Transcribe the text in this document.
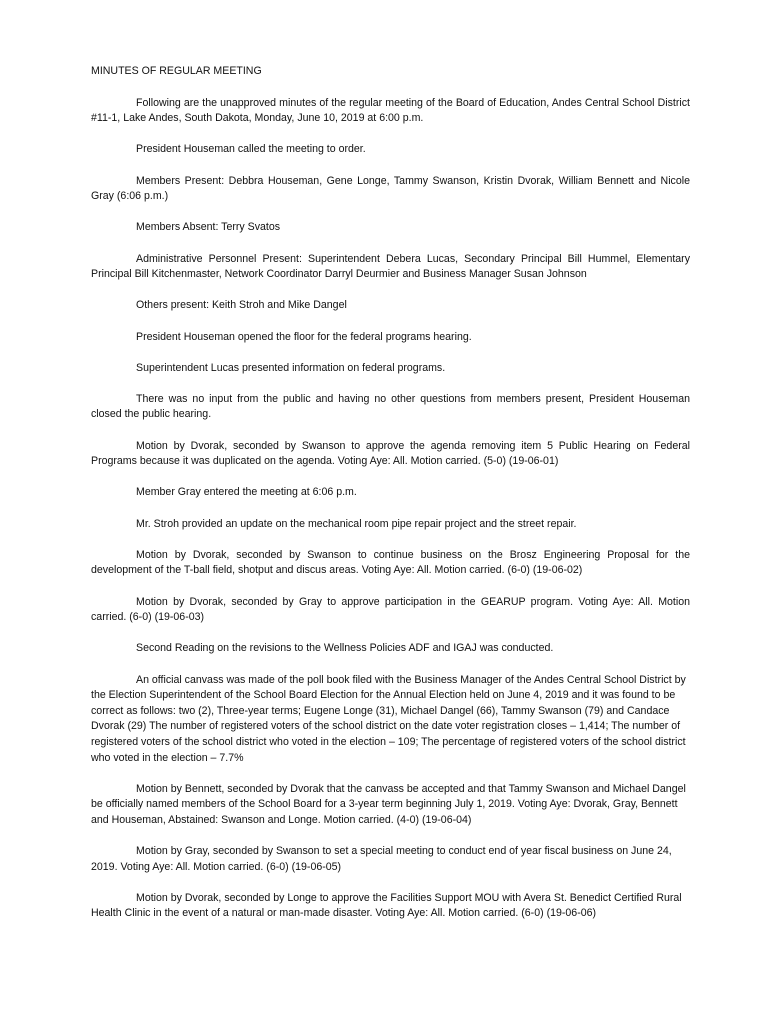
MINUTES OF REGULAR MEETING

Following are the unapproved minutes of the regular meeting of the Board of Education, Andes Central School District #11-1, Lake Andes, South Dakota, Monday, June 10, 2019 at 6:00 p.m.

President Houseman called the meeting to order.

Members Present: Debbra Houseman, Gene Longe, Tammy Swanson, Kristin Dvorak, William Bennett and Nicole Gray (6:06 p.m.)

Members Absent: Terry Svatos

Administrative Personnel Present: Superintendent Debera Lucas, Secondary Principal Bill Hummel, Elementary Principal Bill Kitchenmaster, Network Coordinator Darryl Deurmier and Business Manager Susan Johnson

Others present: Keith Stroh and Mike Dangel

President Houseman opened the floor for the federal programs hearing.

Superintendent Lucas presented information on federal programs.

There was no input from the public and having no other questions from members present, President Houseman closed the public hearing.

Motion by Dvorak, seconded by Swanson to approve the agenda removing item 5 Public Hearing on Federal Programs because it was duplicated on the agenda. Voting Aye: All. Motion carried. (5-0) (19-06-01)

Member Gray entered the meeting at 6:06 p.m.

Mr. Stroh provided an update on the mechanical room pipe repair project and the street repair.

Motion by Dvorak, seconded by Swanson to continue business on the Brosz Engineering Proposal for the development of the T-ball field, shotput and discus areas. Voting Aye: All. Motion carried. (6-0) (19-06-02)

Motion by Dvorak, seconded by Gray to approve participation in the GEARUP program. Voting Aye: All. Motion carried. (6-0) (19-06-03)

Second Reading on the revisions to the Wellness Policies ADF and IGAJ was conducted.

An official canvass was made of the poll book filed with the Business Manager of the Andes Central School District by the Election Superintendent of the School Board Election for the Annual Election held on June 4, 2019 and it was found to be correct as follows: two (2), Three-year terms; Eugene Longe (31), Michael Dangel (66), Tammy Swanson (79) and Candace Dvorak (29) The number of registered voters of the school district on the date voter registration closes – 1,414; The number of registered voters of the school district who voted in the election – 109; The percentage of registered voters of the school district who voted in the election – 7.7%

Motion by Bennett, seconded by Dvorak that the canvass be accepted and that Tammy Swanson and Michael Dangel be officially named members of the School Board for a 3-year term beginning July 1, 2019. Voting Aye: Dvorak, Gray, Bennett and Houseman, Abstained: Swanson and Longe. Motion carried. (4-0) (19-06-04)

Motion by Gray, seconded by Swanson to set a special meeting to conduct end of year fiscal business on June 24, 2019. Voting Aye: All. Motion carried. (6-0) (19-06-05)

Motion by Dvorak, seconded by Longe to approve the Facilities Support MOU with Avera St. Benedict Certified Rural Health Clinic in the event of a natural or man-made disaster. Voting Aye: All. Motion carried. (6-0) (19-06-06)
